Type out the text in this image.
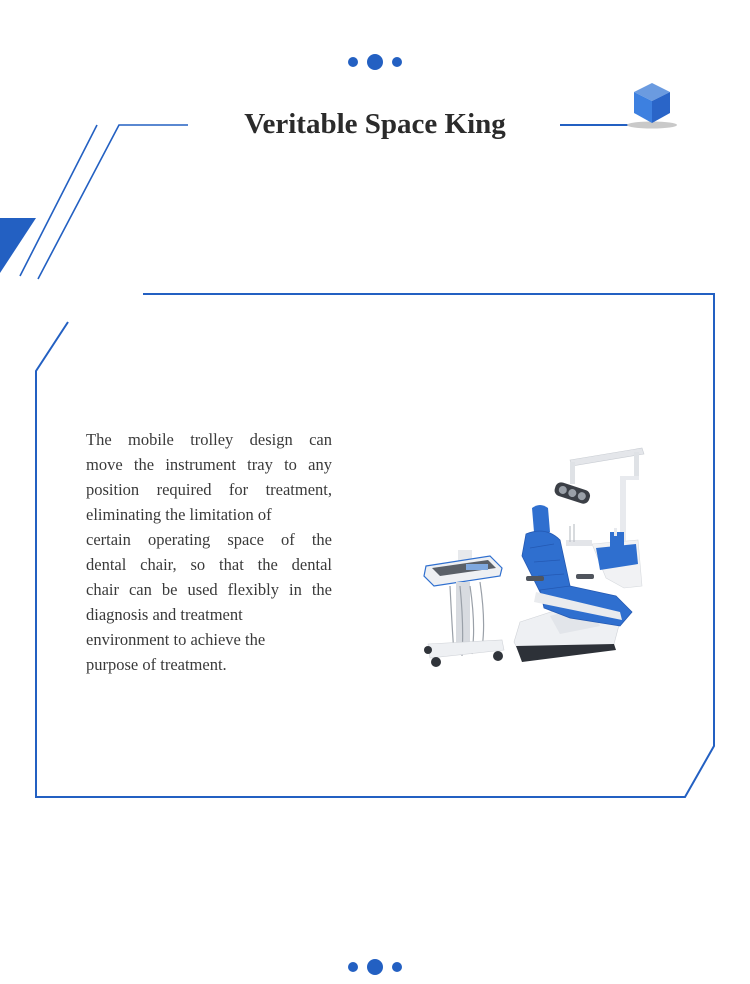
Veritable Space King
The mobile trolley design can
move the instrument tray to any
position required for treatment,
eliminating the limitation of
certain operating space of the
dental chair, so that the dental
chair can be used flexibly in the
diagnosis and treatment
environment to achieve the
purpose of treatment.
